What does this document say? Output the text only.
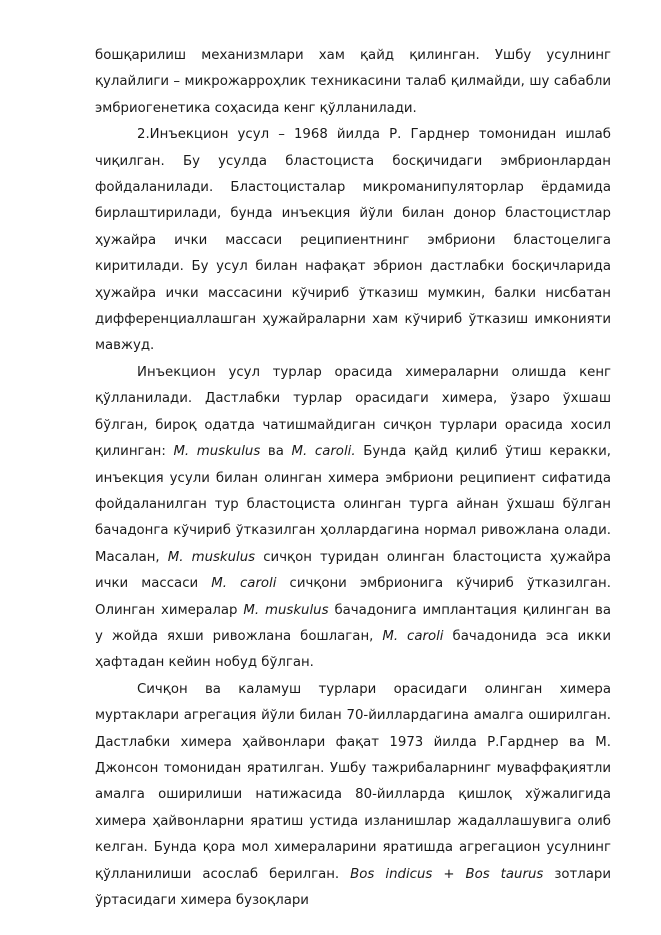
бошқарилиш механизмлари хам қайд қилинган. Ушбу усулнинг қулайлиги – микрожарроҳлик техникасини талаб қилмайди, шу сабабли эмбриогенетика соҳасида кенг қўлланилади.

2.Инъекцион усул – 1968 йилда Р. Гарднер томонидан ишлаб чиқилган. Бу усулда бластоциста босқичидаги эмбрионлардан фойдаланилади. Бластоцисталар микроманипуляторлар ёрдамида бирлаштирилади, бунда инъекция йўли билан донор бластоцистлар ҳужайра ички массаси реципиентнинг эмбриони бластоцелига киритилади. Бу усул билан нафақат эбрион дастлабки босқичларида ҳужайра ички массасини кўчириб ўтказиш мумкин, балки нисбатан дифференциаллашган ҳужайраларни хам кўчириб ўтказиш имконияти мавжуд.

Инъекцион усул турлар орасида химераларни олишда кенг қўлланилади. Дастлабки турлар орасидаги химера, ўзаро ўхшаш бўлган, бироқ одатда чатишмайдиган сичқон турлари орасида хосил қилинган: M. muskulus ва M. caroli. Бунда қайд қилиб ўтиш керакки, инъекция усули билан олинган химера эмбриони реципиент сифатида фойдаланилган тур бластоциста олинган турга айнан ўхшаш бўлган бачадонга кўчириб ўтказилган ҳоллардагина нормал ривожлана олади. Масалан, M. muskulus сичқон туридан олинган бластоциста ҳужайра ички массаси M. caroli сичқони эмбрионига кўчириб ўтказилган. Олинган химералар M. muskulus бачадонига имплантация қилинган ва у жойда яхши ривожлана бошлаган, M. caroli бачадонида эса икки ҳафтадан кейин нобуд бўлган.

Сичқон ва каламуш турлари орасидаги олинган химера муртаклари агрегация йўли билан 70-йиллардагина амалга оширилган. Дастлабки химера ҳайвонлари фақат 1973 йилда Р.Гарднер ва М. Джонсон томонидан яратилган. Ушбу тажрибаларнинг муваффақиятли амалга оширилиши натижасида 80-йилларда қишлоқ хўжалигида химера ҳайвонларни яратиш устида изланишлар жадаллашувига олиб келган. Бунда қора мол химераларини яратишда агрегацион усулнинг қўлланилиши асослаб берилган. Bos indicus + Bos taurus зотлари ўртасидаги химера бузоқлари
